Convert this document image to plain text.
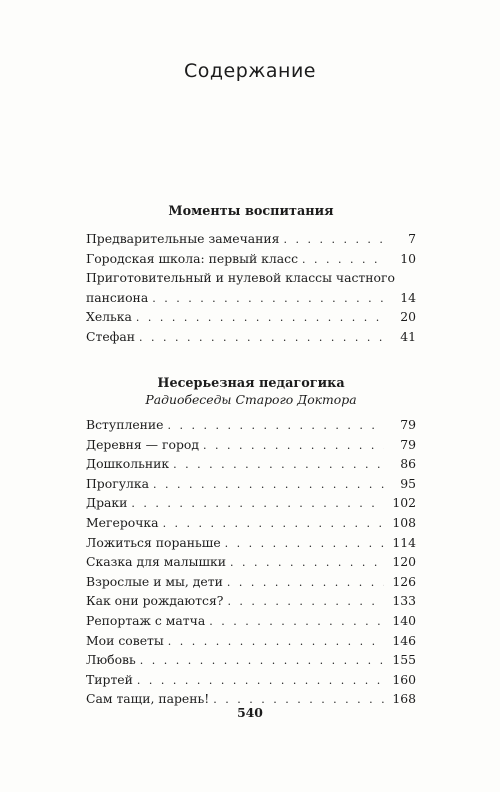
Содержание
Моменты воспитания
Предварительные замечания . . .	7
Городская школа: первый класс . . .	10
Приготовительный и нулевой классы частного
пансиона . . .	14
Хелька . . .	20
Стефан . . .	41
Несерьезная педагогика
Радиобеседы Старого Доктора
Вступление . . .	79
Деревня — город . . .	79
Дошкольник . . .	86
Прогулка . . .	95
Драки . . .	102
Мегерочка . . .	108
Ложиться пораньше . . .	114
Сказка для малышки . . .	120
Взрослые и мы, дети . . .	126
Как они рождаются? . . .	133
Репортаж с матча . . .	140
Мои советы . . .	146
Любовь . . .	155
Тиртей . . .	160
Сам тащи, парень! . . .	168
540
